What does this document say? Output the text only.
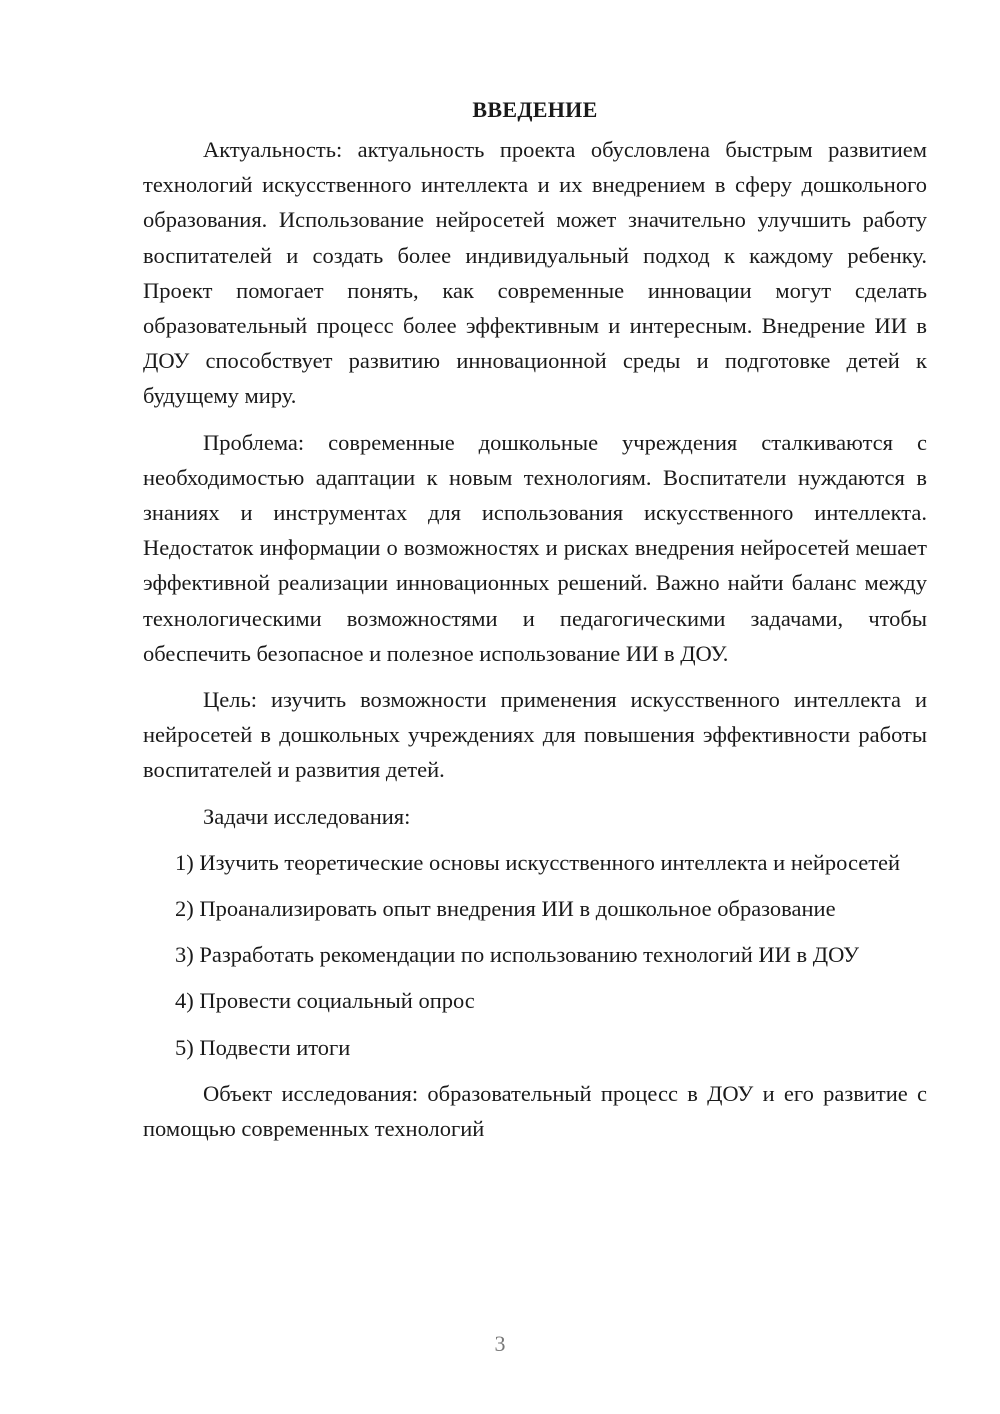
ВВЕДЕНИЕ

Актуальность: актуальность проекта обусловлена быстрым развитием технологий искусственного интеллекта и их внедрением в сферу дошкольного образования. Использование нейросетей может значительно улучшить работу воспитателей и создать более индивидуальный подход к каждому ребенку. Проект помогает понять, как современные инновации могут сделать образовательный процесс более эффективным и интересным. Внедрение ИИ в ДОУ способствует развитию инновационной среды и подготовке детей к будущему миру.

Проблема: современные дошкольные учреждения сталкиваются с необходимостью адаптации к новым технологиям. Воспитатели нуждаются в знаниях и инструментах для использования искусственного интеллекта. Недостаток информации о возможностях и рисках внедрения нейросетей мешает эффективной реализации инновационных решений. Важно найти баланс между технологическими возможностями и педагогическими задачами, чтобы обеспечить безопасное и полезное использование ИИ в ДОУ.

Цель: изучить возможности применения искусственного интеллекта и нейросетей в дошкольных учреждениях для повышения эффективности работы воспитателей и развития детей.

Задачи исследования:

1) Изучить теоретические основы искусственного интеллекта и нейросетей

2) Проанализировать опыт внедрения ИИ в дошкольное образование

3) Разработать рекомендации по использованию технологий ИИ в ДОУ

4) Провести социальный опрос

5) Подвести итоги

Объект исследования: образовательный процесс в ДОУ и его развитие с помощью современных технологий

3
